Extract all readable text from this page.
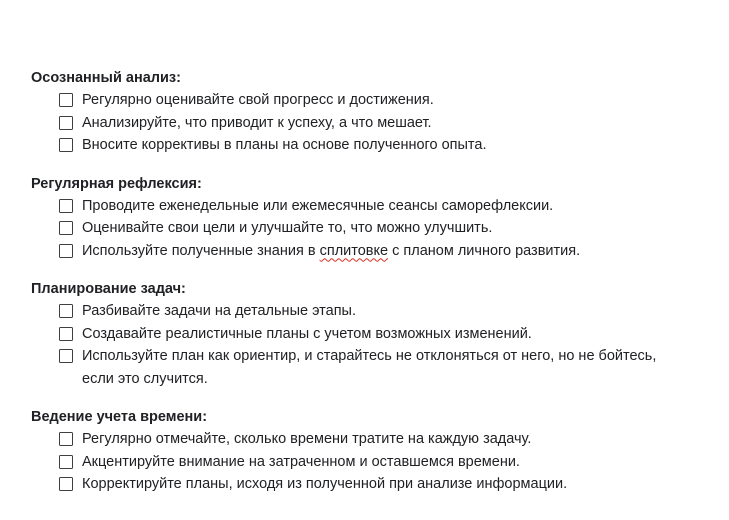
Осознанный анализ:
Регулярно оценивайте свой прогресс и достижения.
Анализируйте, что приводит к успеху, а что мешает.
Вносите коррективы в планы на основе полученного опыта.
Регулярная рефлексия:
Проводите еженедельные или ежемесячные сеансы саморефлексии.
Оценивайте свои цели и улучшайте то, что можно улучшить.
Используйте полученные знания в сплитовке с планом личного развития.
Планирование задач:
Разбивайте задачи на детальные этапы.
Создавайте реалистичные планы с учетом возможных изменений.
Используйте план как ориентир, и старайтесь не отклоняться от него, но не бойтесь, если это случится.
Ведение учета времени:
Регулярно отмечайте, сколько времени тратите на каждую задачу.
Акцентируйте внимание на затраченном и оставшемся времени.
Корректируйте планы, исходя из полученной при анализе информации.
